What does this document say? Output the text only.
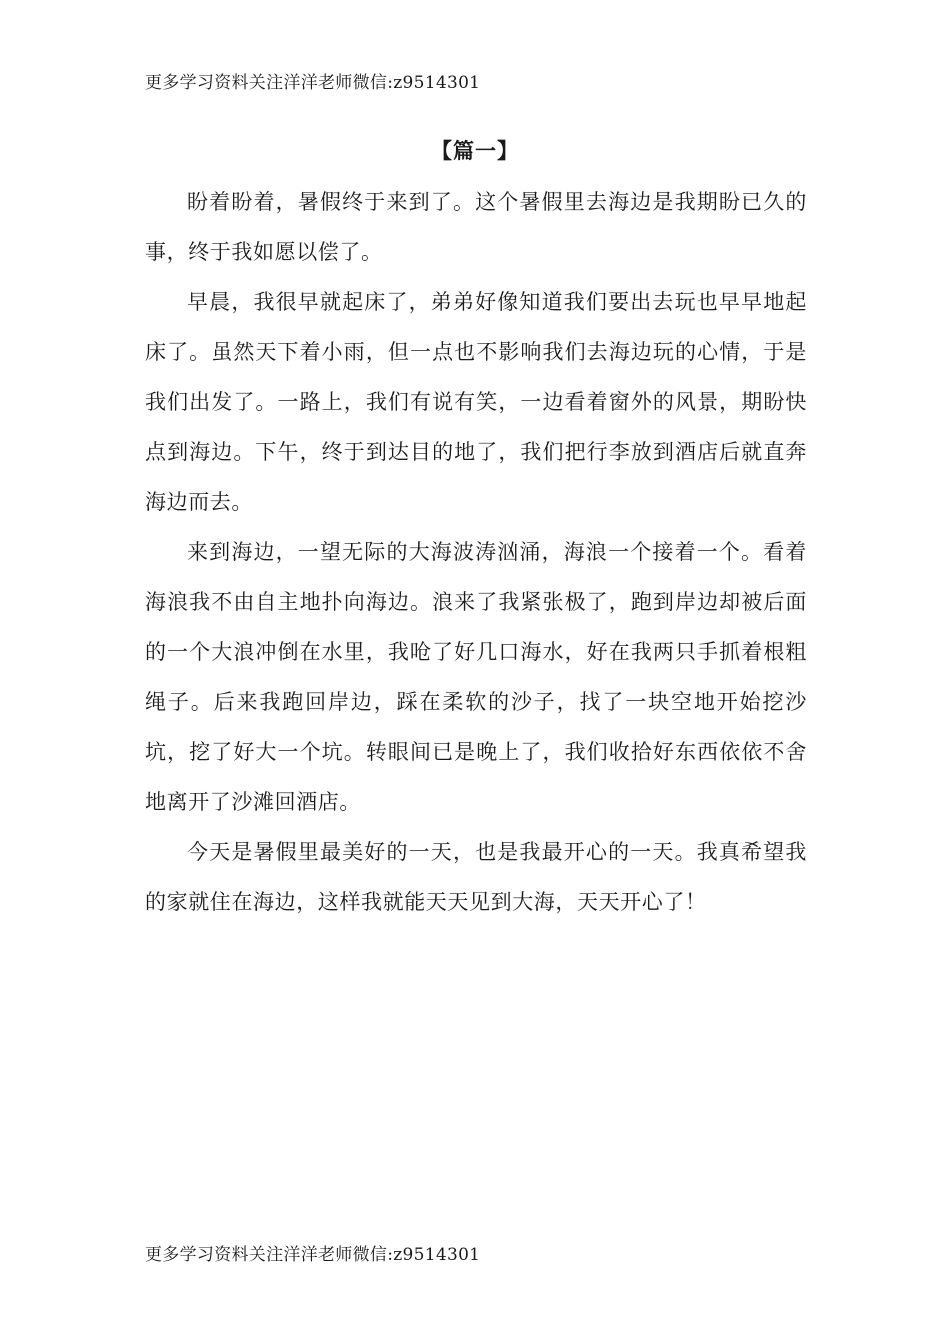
更多学习资料关注洋洋老师微信:z9514301
【篇一】

盼着盼着，暑假终于来到了。这个暑假里去海边是我期盼已久的事，终于我如愿以偿了。

早晨，我很早就起床了，弟弟好像知道我们要出去玩也早早地起床了。虽然天下着小雨，但一点也不影响我们去海边玩的心情，于是我们出发了。一路上，我们有说有笑，一边看着窗外的风景，期盼快点到海边。下午，终于到达目的地了，我们把行李放到酒店后就直奔海边而去。

来到海边，一望无际的大海波涛汹涌，海浪一个接着一个。看着海浪我不由自主地扑向海边。浪来了我紧张极了，跑到岸边却被后面的一个大浪冲倒在水里，我呛了好几口海水，好在我两只手抓着根粗绳子。后来我跑回岸边，踩在柔软的沙子，找了一块空地开始挖沙坑，挖了好大一个坑。转眼间已是晚上了，我们收拾好东西依依不舍地离开了沙滩回酒店。

今天是暑假里最美好的一天，也是我最开心的一天。我真希望我的家就住在海边，这样我就能天天见到大海，天天开心了！

更多学习资料关注洋洋老师微信:z9514301
